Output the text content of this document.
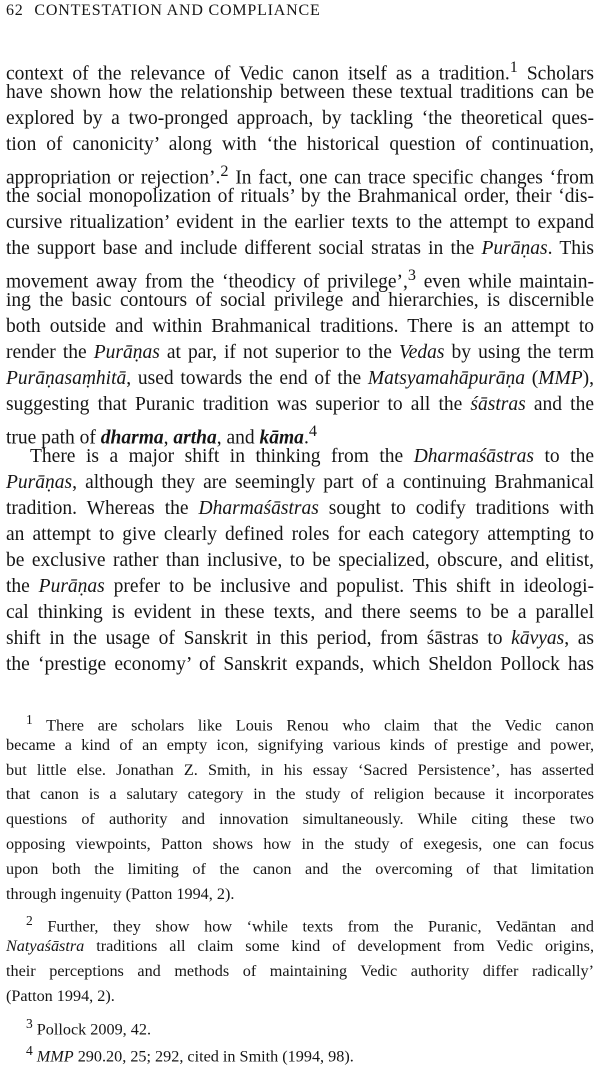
62 CONTESTATION AND COMPLIANCE
context of the relevance of Vedic canon itself as a tradition.$^1$ Scholars
have shown how the relationship between these textual traditions can be
explored by a two-pronged approach, by tackling ‘the theoretical ques-
tion of canonicity’ along with ‘the historical question of continuation,
appropriation or rejection’.$^2$ In fact, one can trace specific changes ‘from
the social monopolization of rituals’ by the Brahmanical order, their ‘dis-
cursive ritualization’ evident in the earlier texts to the attempt to expand
the support base and include different social stratas in the Purāṇas. This
movement away from the ‘theodicy of privilege’,$^3$ even while maintain-
ing the basic contours of social privilege and hierarchies, is discernible
both outside and within Brahmanical traditions. There is an attempt to
render the Purāṇas at par, if not superior to the Vedas by using the term
Purāṇasaṃhitā, used towards the end of the Matsyamahāpurāṇa (MMP),
suggesting that Puranic tradition was superior to all the śāstras and the
true path of dharma, artha, and kāma.$^4$
There is a major shift in thinking from the Dharmaśāstras to the
Purāṇas, although they are seemingly part of a continuing Brahmanical
tradition. Whereas the Dharmaśāstras sought to codify traditions with
an attempt to give clearly defined roles for each category attempting to
be exclusive rather than inclusive, to be specialized, obscure, and elitist,
the Purāṇas prefer to be inclusive and populist. This shift in ideologi-
cal thinking is evident in these texts, and there seems to be a parallel
shift in the usage of Sanskrit in this period, from śāstras to kāvyas, as
the ‘prestige economy’ of Sanskrit expands, which Sheldon Pollock has
$^1$ There are scholars like Louis Renou who claim that the Vedic canon
became a kind of an empty icon, signifying various kinds of prestige and power,
but little else. Jonathan Z. Smith, in his essay ‘Sacred Persistence’, has asserted
that canon is a salutary category in the study of religion because it incorporates
questions of authority and innovation simultaneously. While citing these two
opposing viewpoints, Patton shows how in the study of exegesis, one can focus
upon both the limiting of the canon and the overcoming of that limitation
through ingenuity (Patton 1994, 2).
$^2$ Further, they show how ‘while texts from the Puranic, Vedāntan and
Natyaśāstra traditions all claim some kind of development from Vedic origins,
their perceptions and methods of maintaining Vedic authority differ radically’
(Patton 1994, 2).
$^3$ Pollock 2009, 42.
$^4$ MMP 290.20, 25; 292, cited in Smith (1994, 98).
